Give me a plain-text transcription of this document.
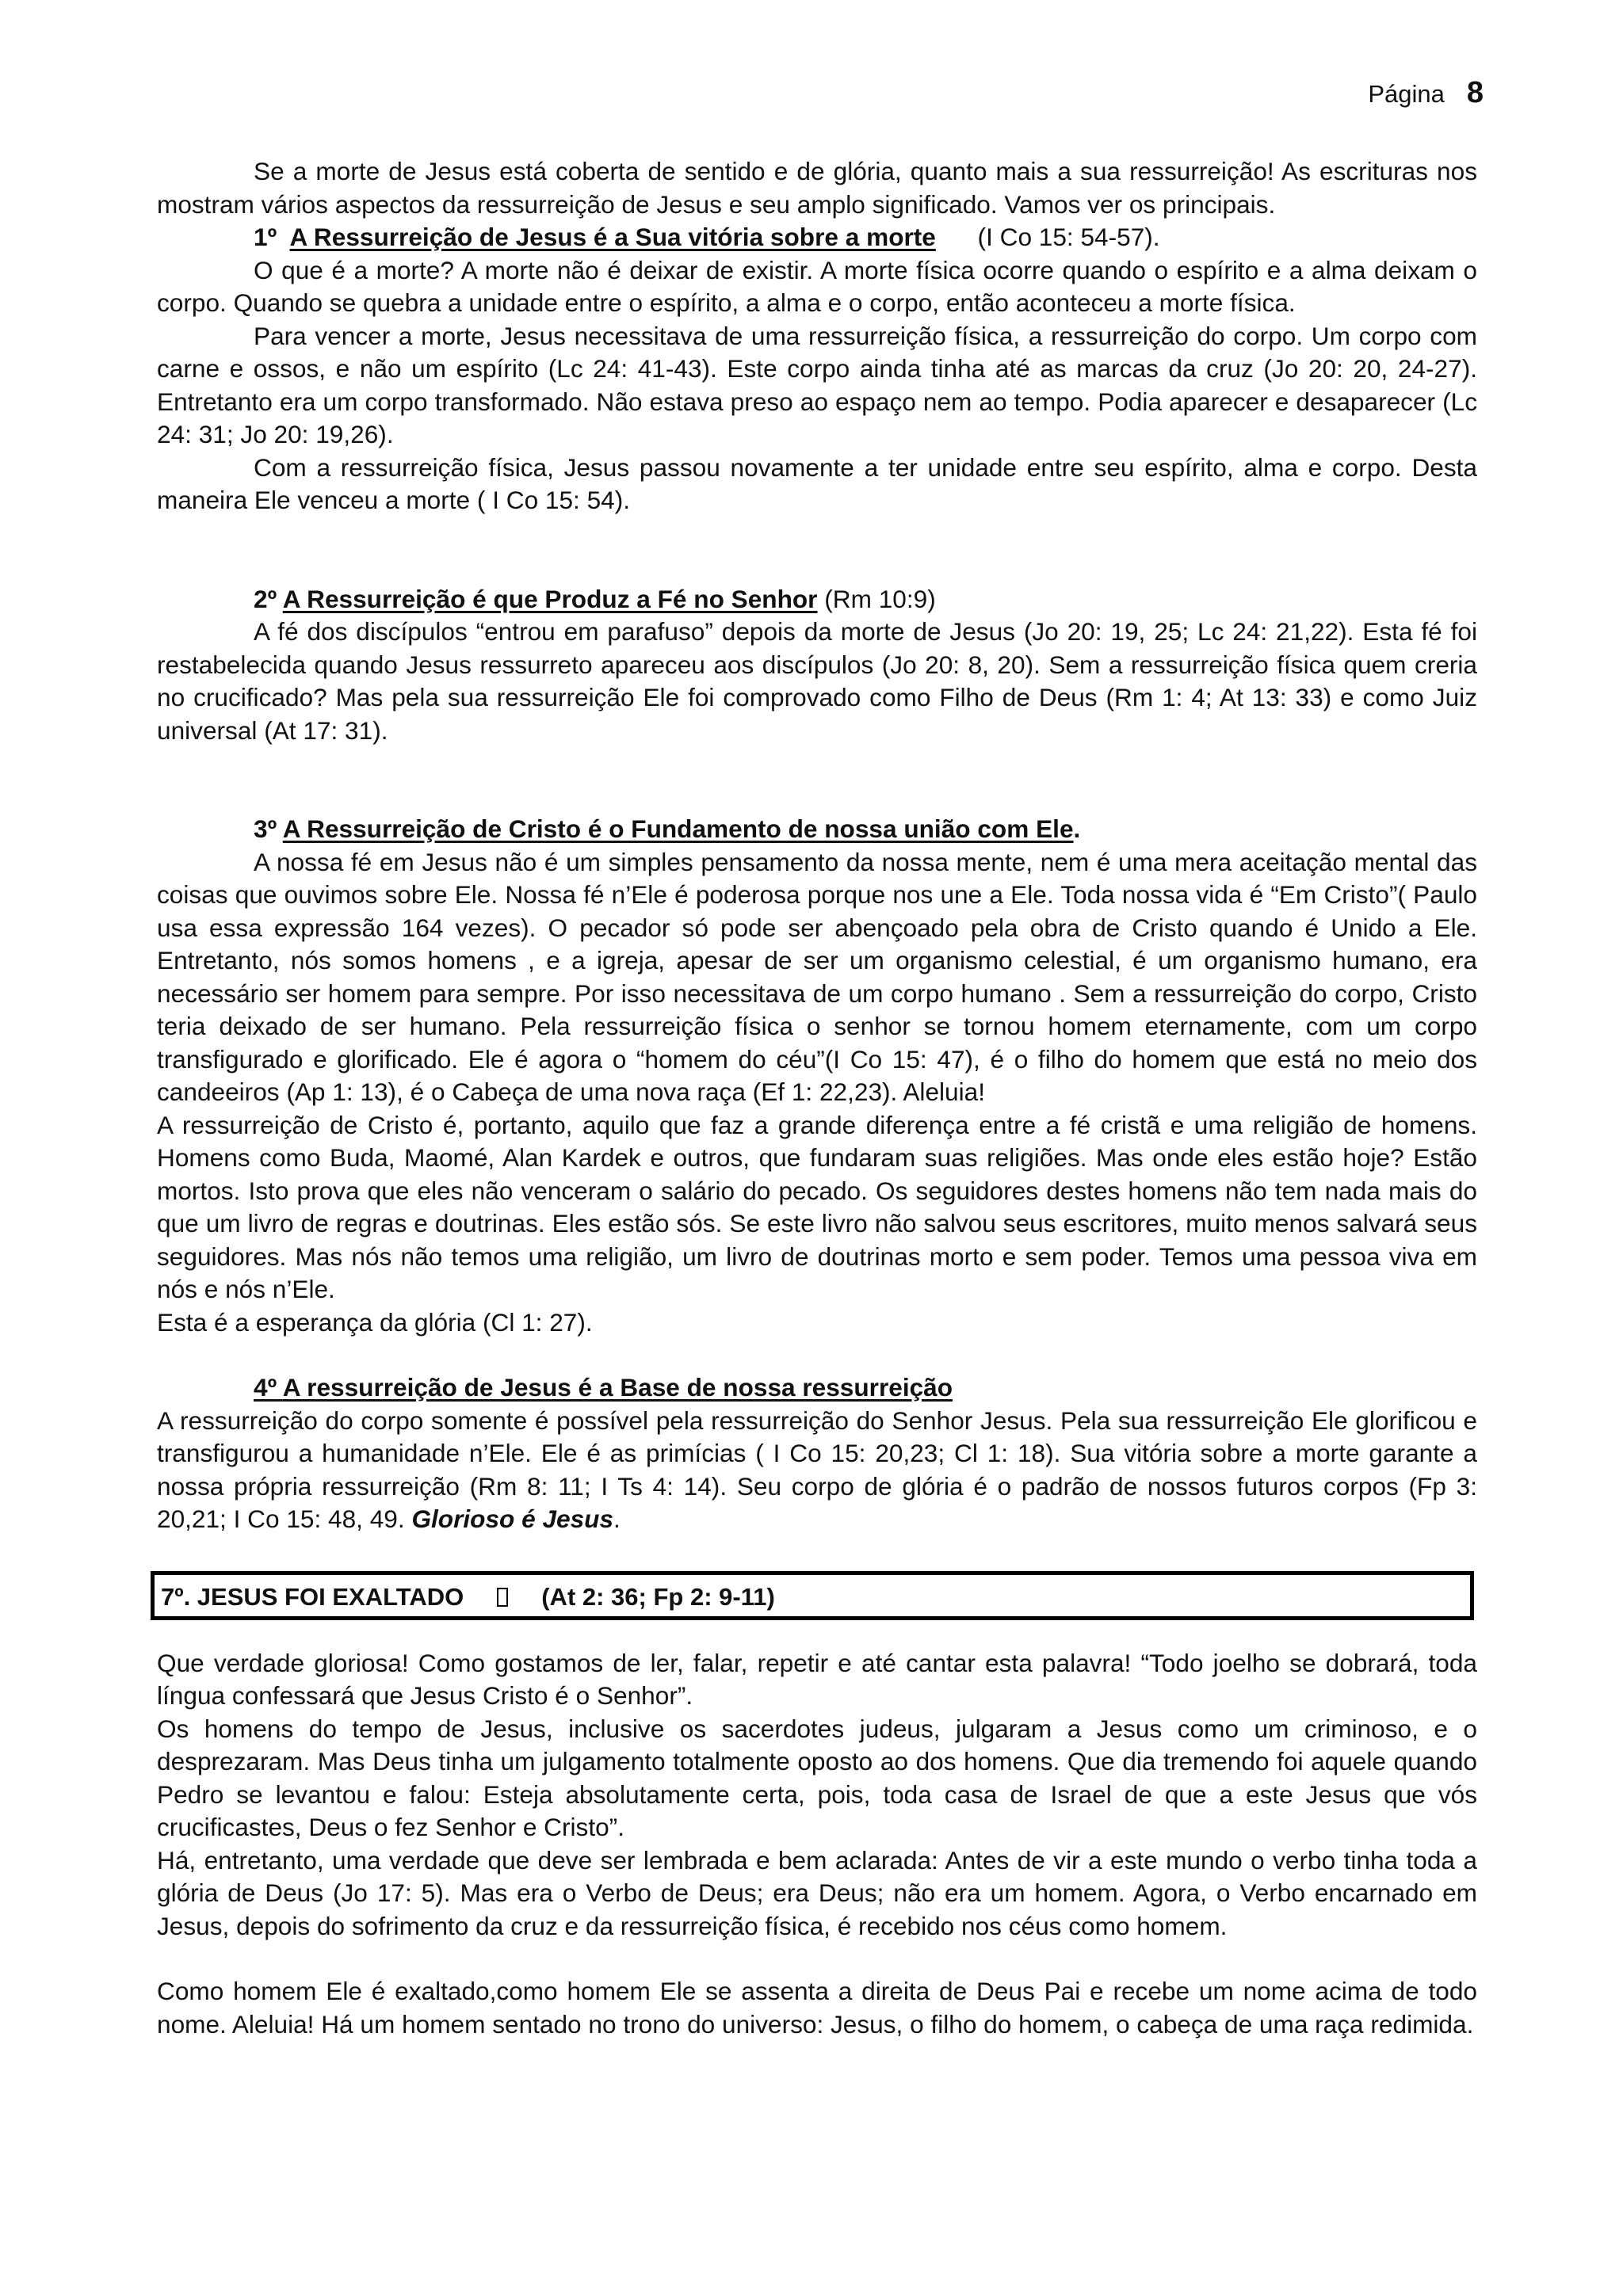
Página 8

Se a morte de Jesus está coberta de sentido e de glória, quanto mais a sua ressurreição! As escrituras nos mostram vários aspectos da ressurreição de Jesus e seu amplo significado. Vamos ver os principais.

1º A Ressurreição de Jesus é a Sua vitória sobre a morte (I Co 15: 54-57).

O que é a morte? A morte não é deixar de existir. A morte física ocorre quando o espírito e a alma deixam o corpo. Quando se quebra a unidade entre o espírito, a alma e o corpo, então aconteceu a morte física.

Para vencer a morte, Jesus necessitava de uma ressurreição física, a ressurreição do corpo. Um corpo com carne e ossos, e não um espírito (Lc 24: 41-43). Este corpo ainda tinha até as marcas da cruz (Jo 20: 20, 24-27). Entretanto era um corpo transformado. Não estava preso ao espaço nem ao tempo. Podia aparecer e desaparecer (Lc 24: 31; Jo 20: 19,26).

Com a ressurreição física, Jesus passou novamente a ter unidade entre seu espírito, alma e corpo. Desta maneira Ele venceu a morte ( I Co 15: 54).

2º A Ressurreição é que Produz a Fé no Senhor (Rm 10:9)

A fé dos discípulos “entrou em parafuso” depois da morte de Jesus (Jo 20: 19, 25; Lc 24: 21,22). Esta fé foi restabelecida quando Jesus ressurreto apareceu aos discípulos (Jo 20: 8, 20). Sem a ressurreição física quem creria no crucificado? Mas pela sua ressurreição Ele foi comprovado como Filho de Deus (Rm 1: 4; At 13: 33) e como Juiz universal (At 17: 31).

3º A Ressurreição de Cristo é o Fundamento de nossa união com Ele.

A nossa fé em Jesus não é um simples pensamento da nossa mente, nem é uma mera aceitação mental das coisas que ouvimos sobre Ele. Nossa fé n’Ele é poderosa porque nos une a Ele. Toda nossa vida é “Em Cristo”( Paulo usa essa expressão 164 vezes). O pecador só pode ser abençoado pela obra de Cristo quando é Unido a Ele. Entretanto, nós somos homens , e a igreja, apesar de ser um organismo celestial, é um organismo humano, era necessário ser homem para sempre. Por isso necessitava de um corpo humano . Sem a ressurreição do corpo, Cristo teria deixado de ser humano. Pela ressurreição física o senhor se tornou homem eternamente, com um corpo transfigurado e glorificado. Ele é agora o “homem do céu”(I Co 15: 47), é o filho do homem que está no meio dos candeeiros (Ap 1: 13), é o Cabeça de uma nova raça (Ef 1: 22,23). Aleluia!

A ressurreição de Cristo é, portanto, aquilo que faz a grande diferença entre a fé cristã e uma religião de homens. Homens como Buda, Maomé, Alan Kardek e outros, que fundaram suas religiões. Mas onde eles estão hoje? Estão mortos. Isto prova que eles não venceram o salário do pecado. Os seguidores destes homens não tem nada mais do que um livro de regras e doutrinas. Eles estão sós. Se este livro não salvou seus escritores, muito menos salvará seus seguidores. Mas nós não temos uma religião, um livro de doutrinas morto e sem poder. Temos uma pessoa viva em nós e nós n’Ele.

Esta é a esperança da glória (Cl 1: 27).

4º A ressurreição de Jesus é a Base de nossa ressurreição

A ressurreição do corpo somente é possível pela ressurreição do Senhor Jesus. Pela sua ressurreição Ele glorificou e transfigurou a humanidade n’Ele. Ele é as primícias ( I Co 15: 20,23; Cl 1: 18). Sua vitória sobre a morte garante a nossa própria ressurreição (Rm 8: 11; I Ts 4: 14). Seu corpo de glória é o padrão de nossos futuros corpos (Fp 3: 20,21; I Co 15: 48, 49. Glorioso é Jesus.

7º. JESUS FOI EXALTADO	(At 2: 36; Fp 2: 9-11)

Que verdade gloriosa! Como gostamos de ler, falar, repetir e até cantar esta palavra! “Todo joelho se dobrará, toda língua confessará que Jesus Cristo é o Senhor”.

Os homens do tempo de Jesus, inclusive os sacerdotes judeus, julgaram a Jesus como um criminoso, e o desprezaram. Mas Deus tinha um julgamento totalmente oposto ao dos homens. Que dia tremendo foi aquele quando Pedro se levantou e falou: Esteja absolutamente certa, pois, toda casa de Israel de que a este Jesus que vós crucificastes, Deus o fez Senhor e Cristo”.

Há, entretanto, uma verdade que deve ser lembrada e bem aclarada: Antes de vir a este mundo o verbo tinha toda a glória de Deus (Jo 17: 5). Mas era o Verbo de Deus; era Deus; não era um homem. Agora, o Verbo encarnado em Jesus, depois do sofrimento da cruz e da ressurreição física, é recebido nos céus como homem.

Como homem Ele é exaltado,como homem Ele se assenta a direita de Deus Pai e recebe um nome acima de todo nome. Aleluia! Há um homem sentado no trono do universo: Jesus, o filho do homem, o cabeça de uma raça redimida.
